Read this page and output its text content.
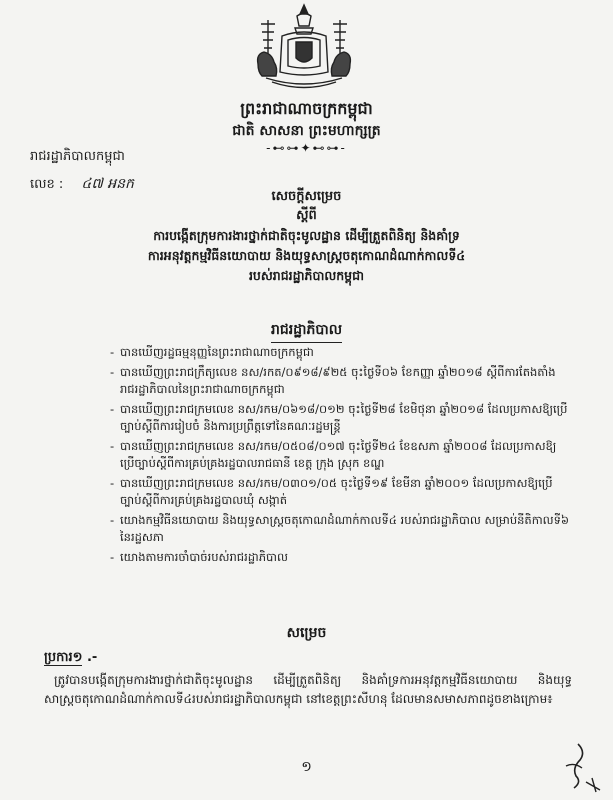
ព្រះរាជាណាចក្រកម្ពុជា
ជាតិ សាសនា ព្រះមហាក្សត្រ
-⊷⊶✦⊷⊶-
រាជរដ្ឋាភិបាលកម្ពុជា
លេខ : ៤៧ អនក
សេចក្តីសម្រេច
ស្តីពី
ការបង្កើតក្រុមការងារថ្នាក់ជាតិចុះមូលដ្ឋាន ដើម្បីត្រួតពិនិត្យ និងគាំទ្រ
ការអនុវត្តកម្មវិធីនយោបាយ និងយុទ្ធសាស្ត្រចតុកោណដំណាក់កាលទី៤
របស់រាជរដ្ឋាភិបាលកម្ពុជា
រាជរដ្ឋាភិបាល
- បានឃើញរដ្ឋធម្មនុញ្ញនៃព្រះរាជាណាចក្រកម្ពុជា
- បានឃើញព្រះរាជក្រឹត្យលេខ នស/រកត/០៩១៨/៩២៥ ចុះថ្ងៃទី០៦ ខែកញ្ញា ឆ្នាំ២០១៨ ស្តីពីការតែងតាំងរាជរដ្ឋាភិបាលនៃព្រះរាជាណាចក្រកម្ពុជា
- បានឃើញព្រះរាជក្រមលេខ នស/រកម/០៦១៨/០១២ ចុះថ្ងៃទី២៨ ខែមិថុនា ឆ្នាំ២០១៨ ដែលប្រកាសឱ្យប្រើច្បាប់ស្តីពីការរៀបចំ និងការប្រព្រឹត្តទៅនៃគណៈរដ្ឋមន្ត្រី
- បានឃើញព្រះរាជក្រមលេខ នស/រកម/០៥០៨/០១៧ ចុះថ្ងៃទី២៤ ខែឧសភា ឆ្នាំ២០០៨ ដែលប្រកាសឱ្យប្រើច្បាប់ស្តីពីការគ្រប់គ្រងរដ្ឋបាលរាជធានី ខេត្ត ក្រុង ស្រុក ខណ្ឌ
- បានឃើញព្រះរាជក្រមលេខ នស/រកម/០៣០១/០៥ ចុះថ្ងៃទី១៩ ខែមីនា ឆ្នាំ២០០១ ដែលប្រកាសឱ្យប្រើច្បាប់ស្តីពីការគ្រប់គ្រងរដ្ឋបាលឃុំ សង្កាត់
- យោងកម្មវិធីនយោបាយ និងយុទ្ធសាស្ត្រចតុកោណដំណាក់កាលទី៤ របស់រាជរដ្ឋាភិបាល សម្រាប់នីតិកាលទី៦ នៃរដ្ឋសភា
- យោងតាមការចាំបាច់របស់រាជរដ្ឋាភិបាល
សម្រេច
ប្រការ១ .-
ត្រូវបានបង្កើតក្រុមការងារថ្នាក់ជាតិចុះមូលដ្ឋាន ដើម្បីត្រួតពិនិត្យ និងគាំទ្រការអនុវត្តកម្មវិធីនយោបាយ និងយុទ្ធសាស្ត្រចតុកោណដំណាក់កាលទី៤របស់រាជរដ្ឋាភិបាលកម្ពុជា នៅខេត្តព្រះសីហនុ ដែលមានសមាសភាពដូចខាងក្រោម៖
១
